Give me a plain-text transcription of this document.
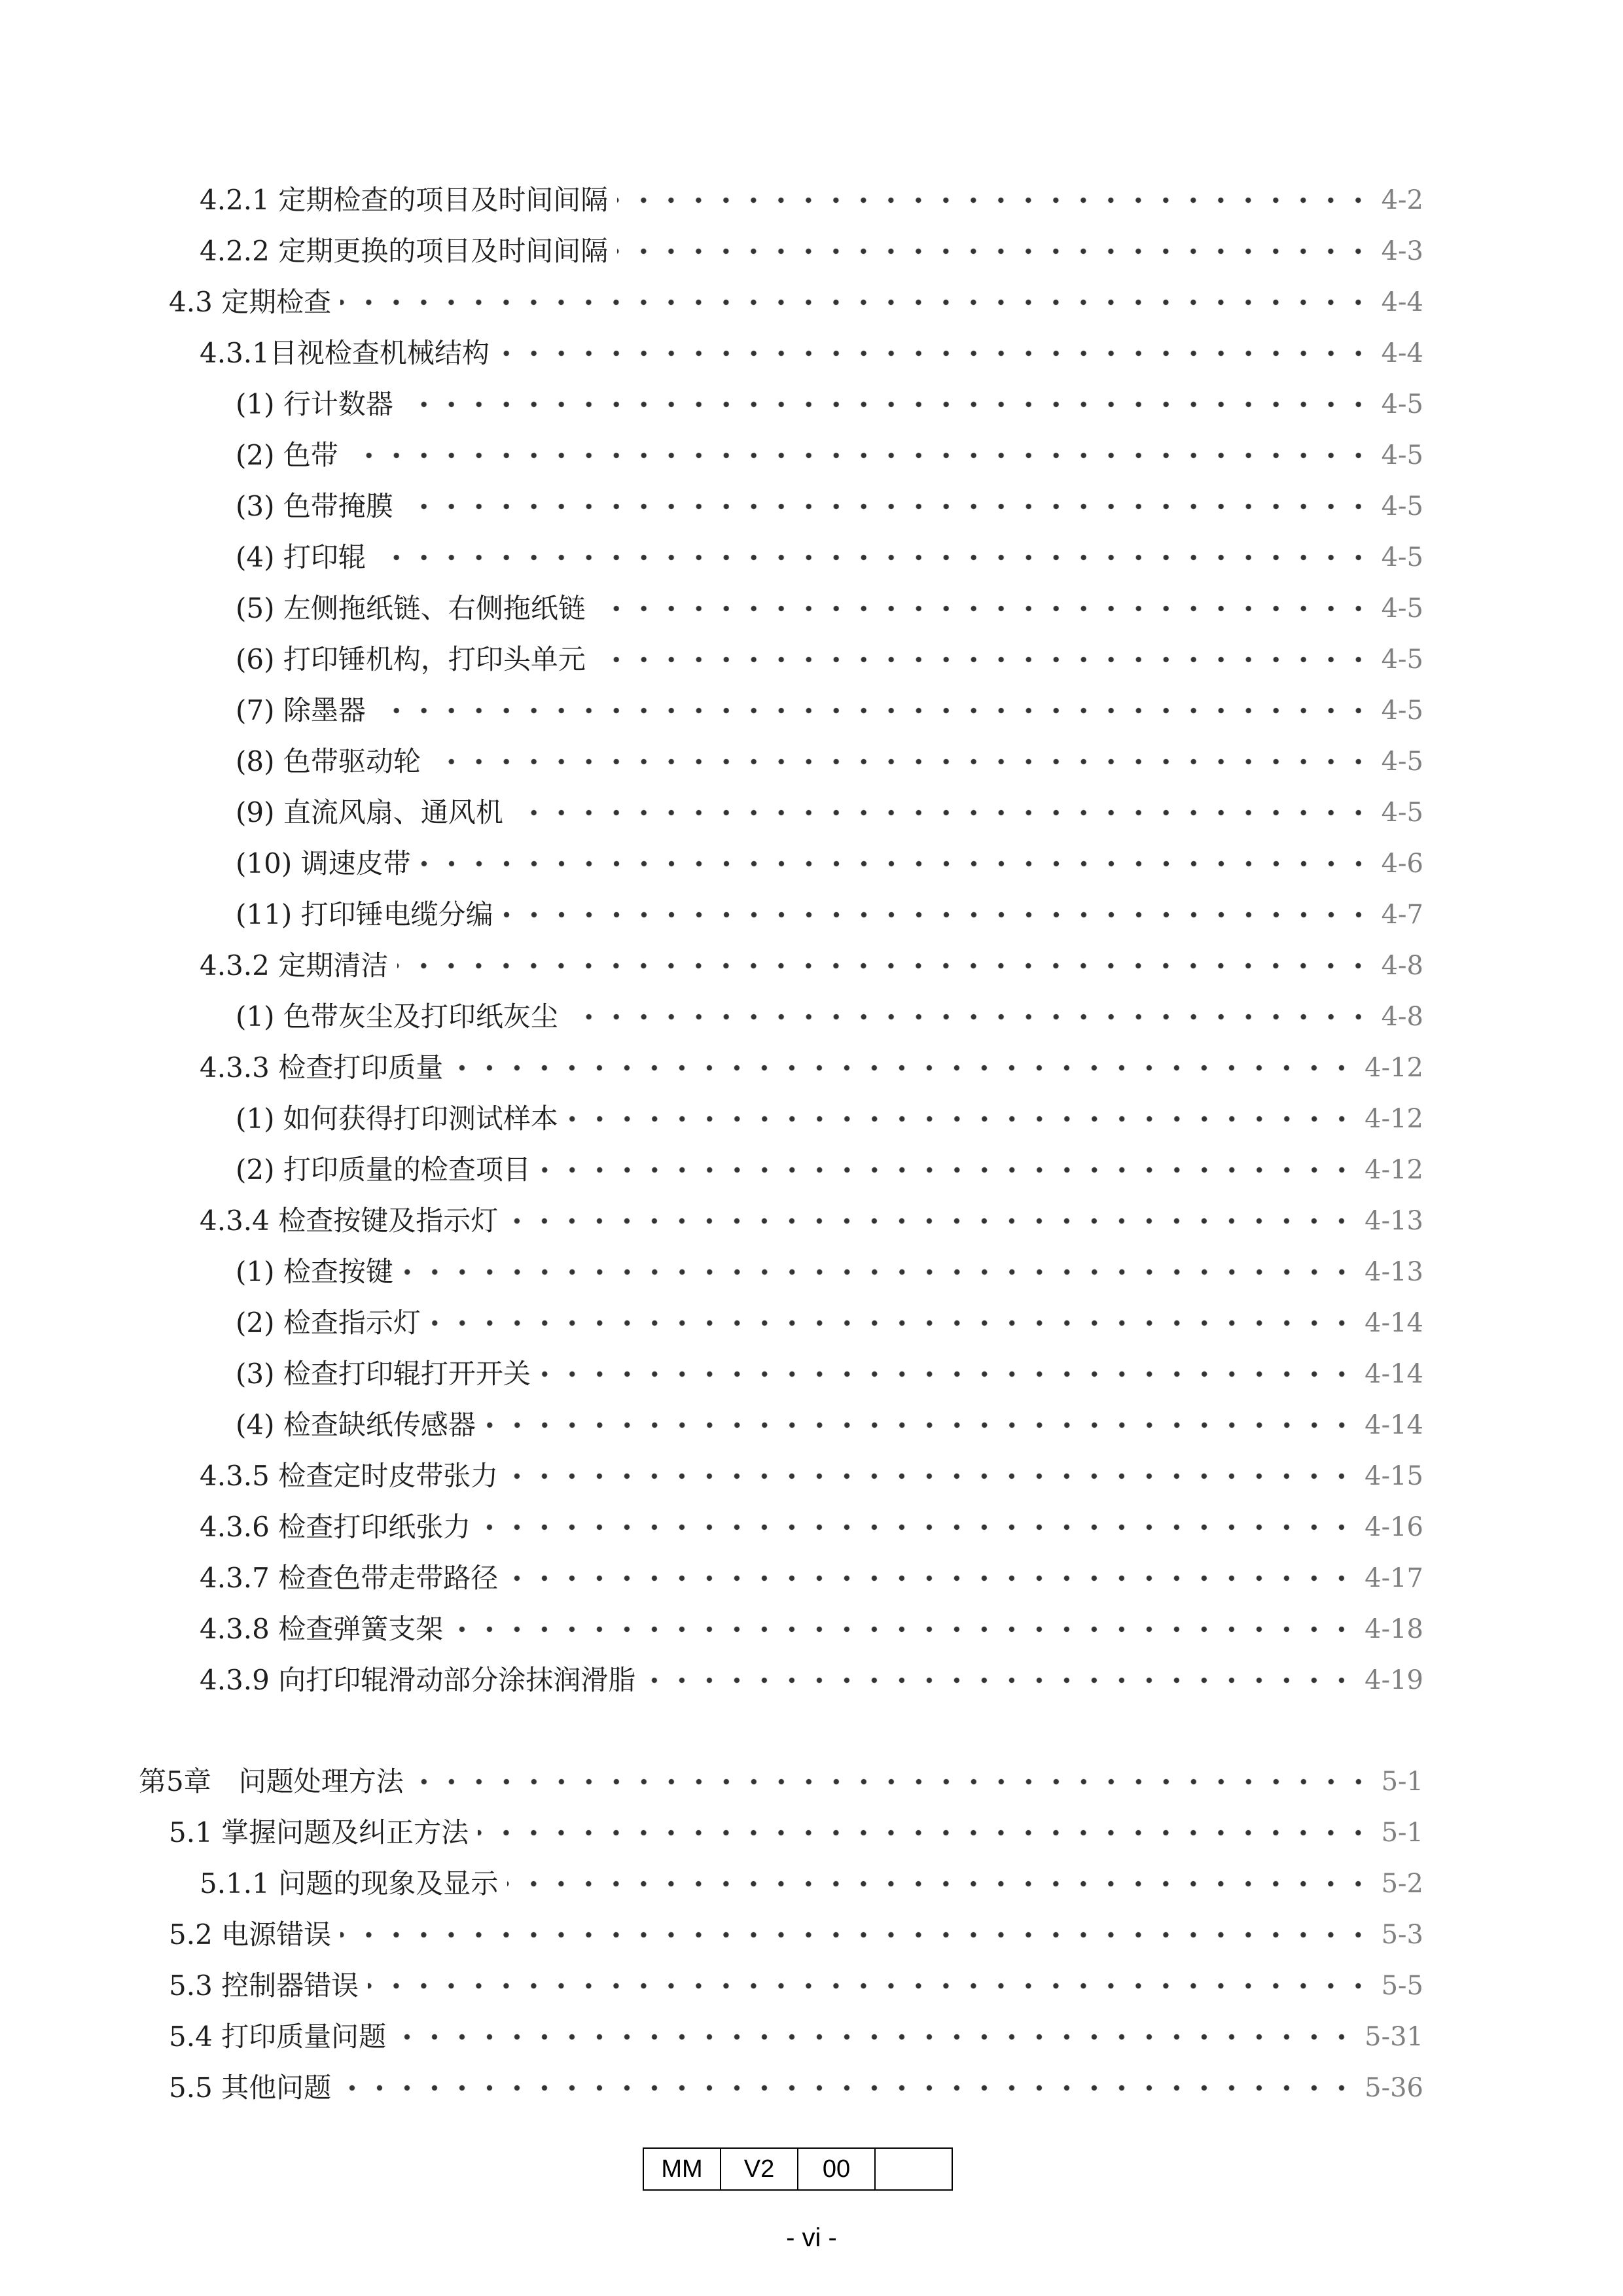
4.2.1 定期检查的项目及时间间隔	4-2
4.2.2 定期更换的项目及时间间隔	4-3
4.3 定期检查	4-4
4.3.1目视检查机械结构	4-4
(1) 行计数器	4-5
(2) 色带	4-5
(3) 色带掩膜	4-5
(4) 打印辊	4-5
(5) 左侧拖纸链、右侧拖纸链	4-5
(6) 打印锤机构，打印头单元	4-5
(7) 除墨器	4-5
(8) 色带驱动轮	4-5
(9) 直流风扇、通风机	4-5
(10) 调速皮带	4-6
(11) 打印锤电缆分编	4-7
4.3.2 定期清洁	4-8
(1) 色带灰尘及打印纸灰尘	4-8
4.3.3 检查打印质量	4-12
(1) 如何获得打印测试样本	4-12
(2) 打印质量的检查项目	4-12
4.3.4 检查按键及指示灯	4-13
(1) 检查按键	4-13
(2) 检查指示灯	4-14
(3) 检查打印辊打开开关	4-14
(4) 检查缺纸传感器	4-14
4.3.5 检查定时皮带张力	4-15
4.3.6 检查打印纸张力	4-16
4.3.7 检查色带走带路径	4-17
4.3.8 检查弹簧支架	4-18
4.3.9 向打印辊滑动部分涂抹润滑脂	4-19
第5章　问题处理方法	5-1
5.1 掌握问题及纠正方法	5-1
5.1.1 问题的现象及显示	5-2
5.2 电源错误	5-3
5.3 控制器错误	5-5
5.4 打印质量问题	5-31
5.5 其他问题	5-36
MM	V2	00
- vi -
